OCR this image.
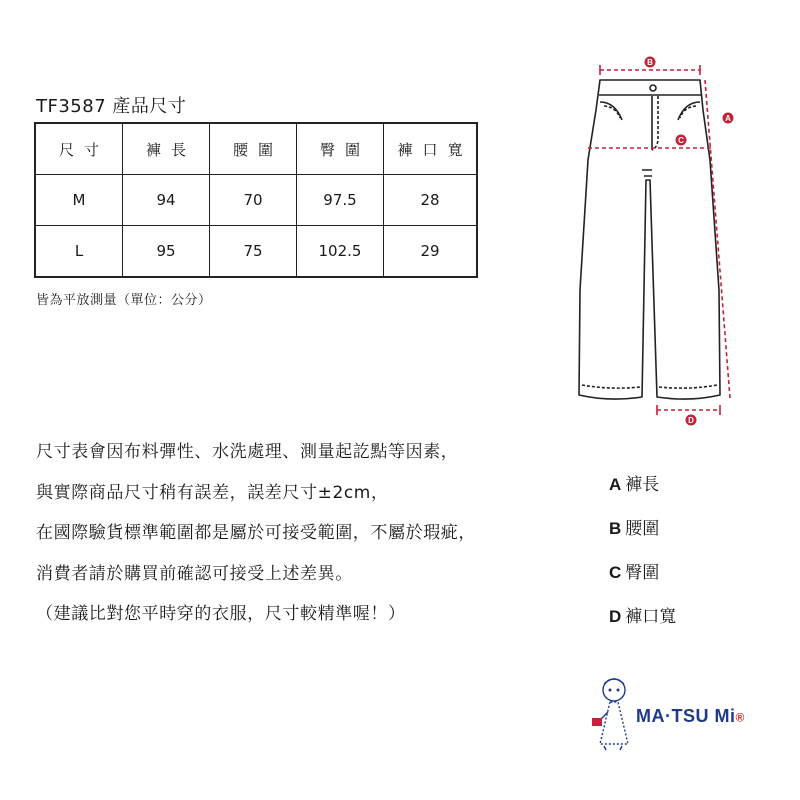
TF3587 產品尺寸
尺寸	褲長	腰圍	臀圍	褲口寬
M	94	70	97.5	28
L	95	75	102.5	29
皆為平放測量（單位：公分）
尺寸表會因布料彈性、水洗處理、測量起訖點等因素，
與實際商品尺寸稍有誤差，誤差尺寸±2cm，
在國際驗貨標準範圍都是屬於可接受範圍，不屬於瑕疵，
消費者請於購買前確認可接受上述差異。
（建議比對您平時穿的衣服，尺寸較精準喔！）
A 褲長
B 腰圍
C 臀圍
D 褲口寬
B
A
C
D
MA·TSU Mi®
